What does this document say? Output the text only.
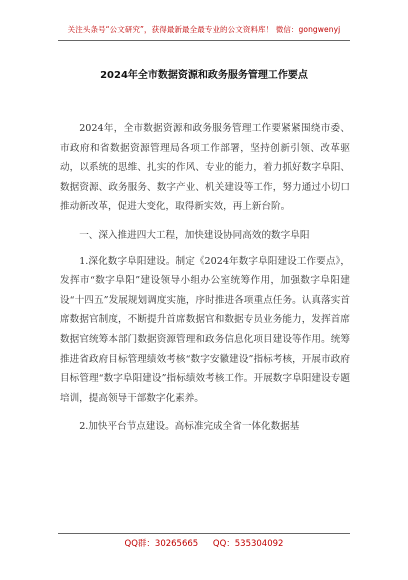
关注头条号“公文研究”，获得最新最全最专业的公文资料库！ 微信：gongwenyj
2024年全市数据资源和政务服务管理工作要点

2024年，全市数据资源和政务服务管理工作要紧紧围绕市委、市政府和省数据资源管理局各项工作部署，坚持创新引领、改革驱动，以系统的思维、扎实的作风、专业的能力，着力抓好数字阜阳、数据资源、政务服务、数字产业、机关建设等工作，努力通过小切口推动新改革，促进大变化，取得新实效，再上新台阶。

一、深入推进四大工程，加快建设协同高效的数字阜阳

1.深化数字阜阳建设。制定《2024年数字阜阳建设工作要点》，发挥市“数字阜阳”建设领导小组办公室统筹作用，加强数字阜阳建设“十四五”发展规划调度实施，序时推进各项重点任务。认真落实首席数据官制度，不断提升首席数据官和数据专员业务能力，发挥首席数据官统筹本部门数据资源管理和政务信息化项目建设等作用。统筹推进省政府目标管理绩效考核“数字安徽建设”指标考核，开展市政府目标管理“数字阜阳建设”指标绩效考核工作。开展数字阜阳建设专题培训，提高领导干部数字化素养。

2.加快平台节点建设。高标准完成全省一体化数据基

QQ群：30265665 QQ：535304092
